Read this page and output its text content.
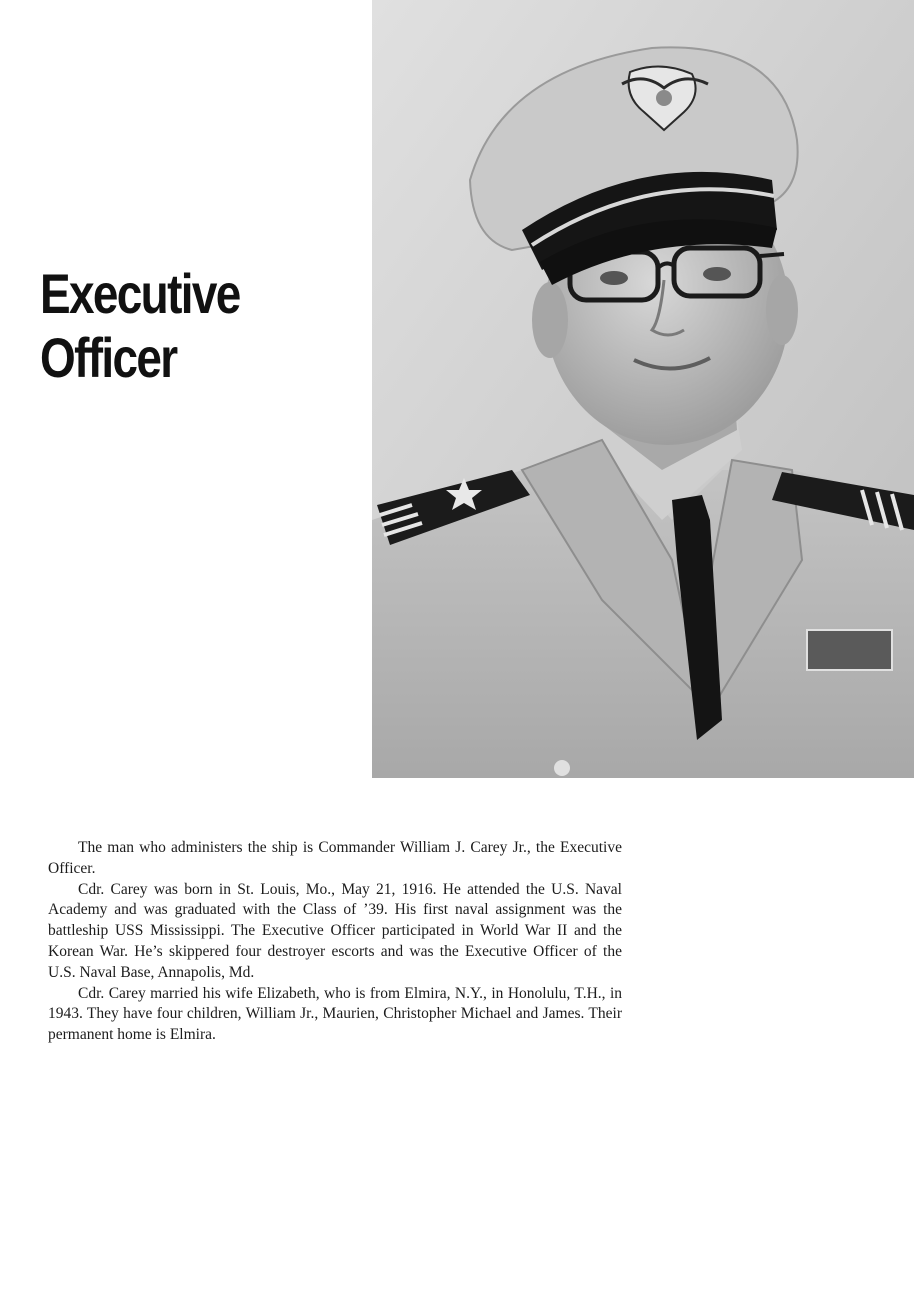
Executive
Officer

The man who administers the ship is Commander William J. Carey Jr., the Executive Officer.

Cdr. Carey was born in St. Louis, Mo., May 21, 1916. He attended the U.S. Naval Academy and was graduated with the Class of ’39. His first naval assignment was the battleship USS Mississippi. The Executive Officer participated in World War II and the Korean War. He’s skippered four destroyer escorts and was the Executive Officer of the U.S. Naval Base, Annapolis, Md.

Cdr. Carey married his wife Elizabeth, who is from Elmira, N.Y., in Honolulu, T.H., in 1943. They have four children, William Jr., Maurien, Christopher Michael and James. Their permanent home is Elmira.
